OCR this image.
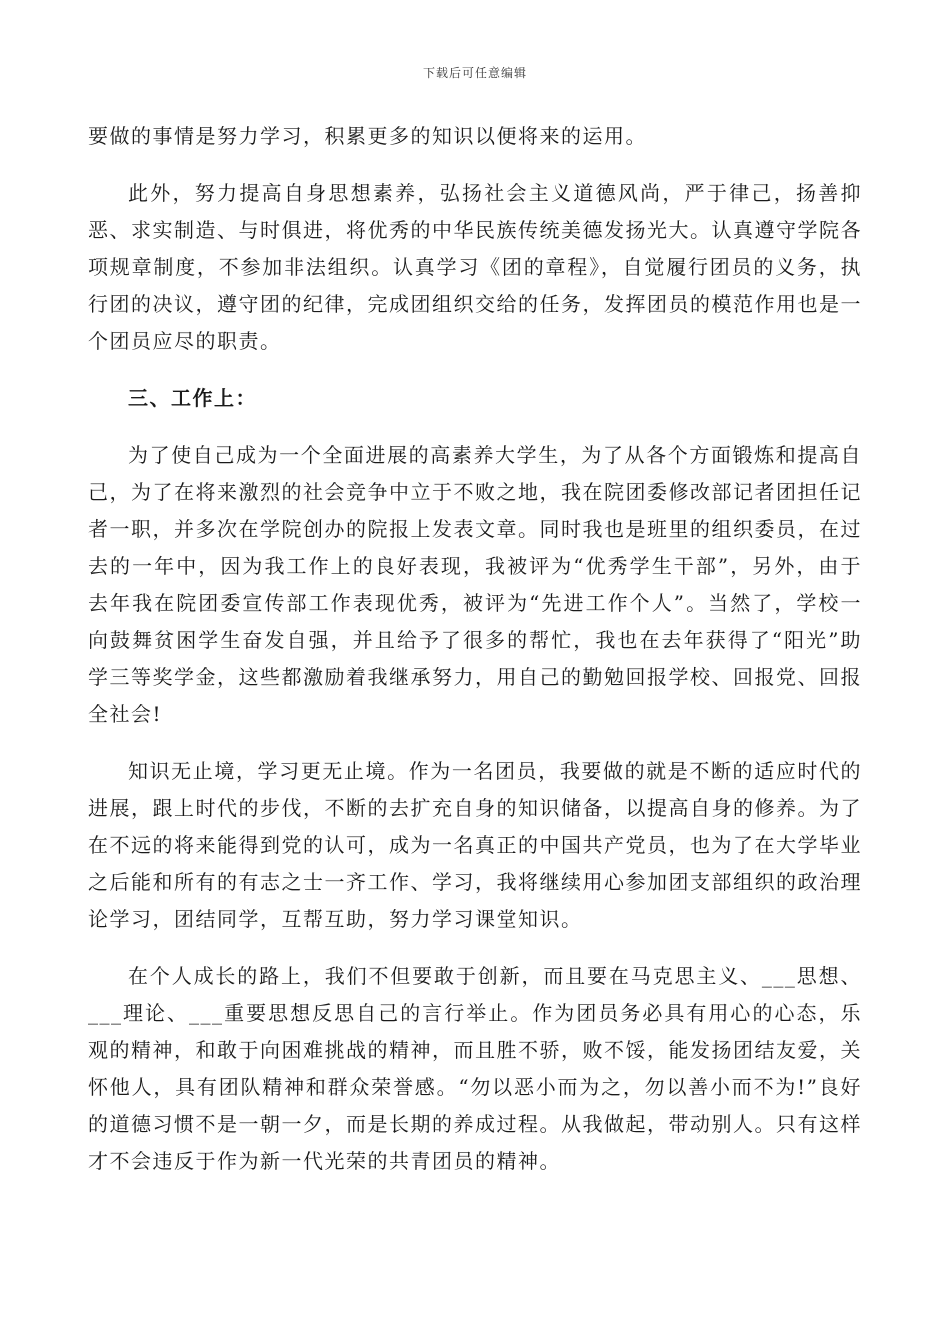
下载后可任意编辑

要做的事情是努力学习，积累更多的知识以便将来的运用。

此外，努力提高自身思想素养，弘扬社会主义道德风尚，严于律己，扬善抑恶、求实制造、与时俱进，将优秀的中华民族传统美德发扬光大。认真遵守学院各项规章制度，不参加非法组织。认真学习《团的章程》，自觉履行团员的义务，执行团的决议，遵守团的纪律，完成团组织交给的任务，发挥团员的模范作用也是一个团员应尽的职责。

三、工作上：

为了使自己成为一个全面进展的高素养大学生，为了从各个方面锻炼和提高自己，为了在将来激烈的社会竞争中立于不败之地，我在院团委修改部记者团担任记者一职，并多次在学院创办的院报上发表文章。同时我也是班里的组织委员，在过去的一年中，因为我工作上的良好表现，我被评为“优秀学生干部”，另外，由于去年我在院团委宣传部工作表现优秀，被评为“先进工作个人”。当然了，学校一向鼓舞贫困学生奋发自强，并且给予了很多的帮忙，我也在去年获得了“阳光”助学三等奖学金，这些都激励着我继承努力，用自己的勤勉回报学校、回报党、回报全社会!

知识无止境，学习更无止境。作为一名团员，我要做的就是不断的适应时代的进展，跟上时代的步伐，不断的去扩充自身的知识储备，以提高自身的修养。为了在不远的将来能得到党的认可，成为一名真正的中国共产党员，也为了在大学毕业之后能和所有的有志之士一齐工作、学习，我将继续用心参加团支部组织的政治理论学习，团结同学，互帮互助，努力学习课堂知识。

在个人成长的路上，我们不但要敢于创新，而且要在马克思主义、___思想、___理论、___重要思想反思自己的言行举止。作为团员务必具有用心的心态，乐观的精神，和敢于向困难挑战的精神，而且胜不骄，败不馁，能发扬团结友爱，关怀他人，具有团队精神和群众荣誉感。“勿以恶小而为之，勿以善小而不为!”良好的道德习惯不是一朝一夕，而是长期的养成过程。从我做起，带动别人。只有这样才不会违反于作为新一代光荣的共青团员的精神。
